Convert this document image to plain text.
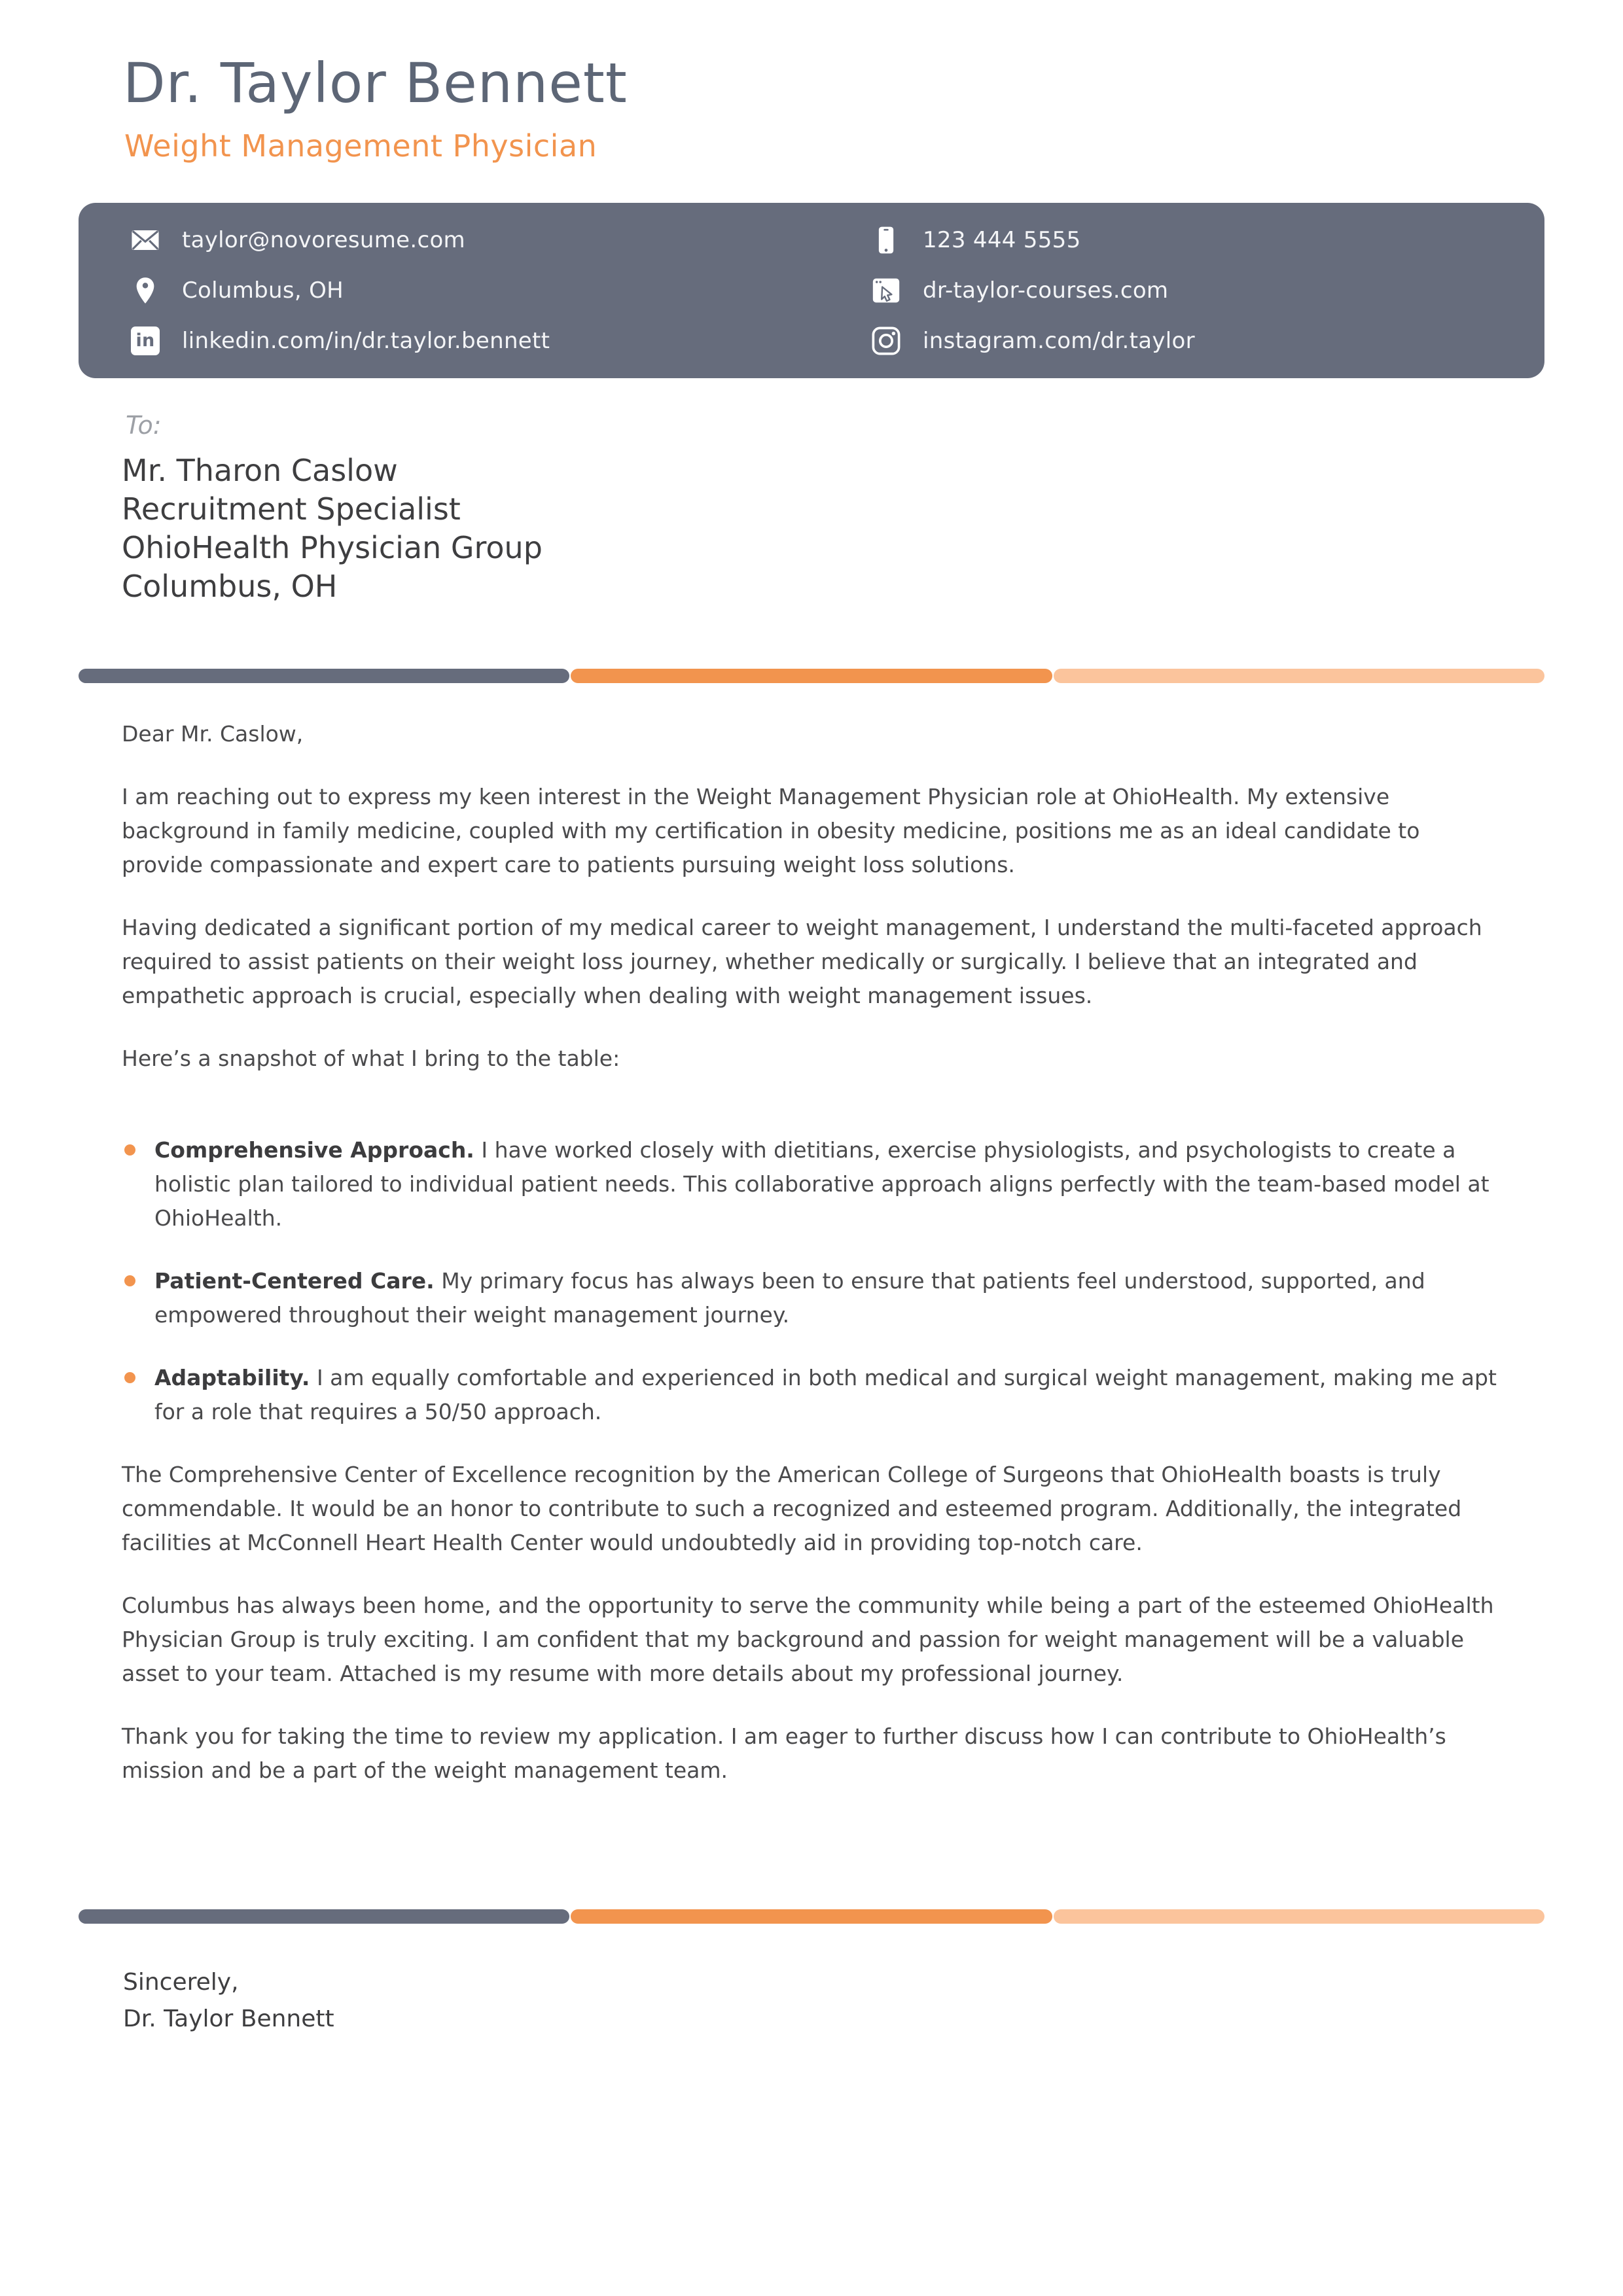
Dr. Taylor Bennett
Weight Management Physician
taylor@novoresume.com	123 444 5555
Columbus, OH	dr-taylor-courses.com
in linkedin.com/in/dr.taylor.bennett	instagram.com/dr.taylor
To:
Mr. Tharon Caslow
Recruitment Specialist
OhioHealth Physician Group
Columbus, OH

Dear Mr. Caslow,

I am reaching out to express my keen interest in the Weight Management Physician role at OhioHealth. My extensive background in family medicine, coupled with my certification in obesity medicine, positions me as an ideal candidate to provide compassionate and expert care to patients pursuing weight loss solutions.

Having dedicated a significant portion of my medical career to weight management, I understand the multi-faceted approach required to assist patients on their weight loss journey, whether medically or surgically. I believe that an integrated and empathetic approach is crucial, especially when dealing with weight management issues.

Here’s a snapshot of what I bring to the table:

Comprehensive Approach. I have worked closely with dietitians, exercise physiologists, and psychologists to create a holistic plan tailored to individual patient needs. This collaborative approach aligns perfectly with the team-based model at OhioHealth.
Patient-Centered Care. My primary focus has always been to ensure that patients feel understood, supported, and empowered throughout their weight management journey.
Adaptability. I am equally comfortable and experienced in both medical and surgical weight management, making me apt for a role that requires a 50/50 approach.

The Comprehensive Center of Excellence recognition by the American College of Surgeons that OhioHealth boasts is truly commendable. It would be an honor to contribute to such a recognized and esteemed program. Additionally, the integrated facilities at McConnell Heart Health Center would undoubtedly aid in providing top-notch care.

Columbus has always been home, and the opportunity to serve the community while being a part of the esteemed OhioHealth Physician Group is truly exciting. I am confident that my background and passion for weight management will be a valuable asset to your team. Attached is my resume with more details about my professional journey.

Thank you for taking the time to review my application. I am eager to further discuss how I can contribute to OhioHealth’s mission and be a part of the weight management team.

Sincerely,
Dr. Taylor Bennett
